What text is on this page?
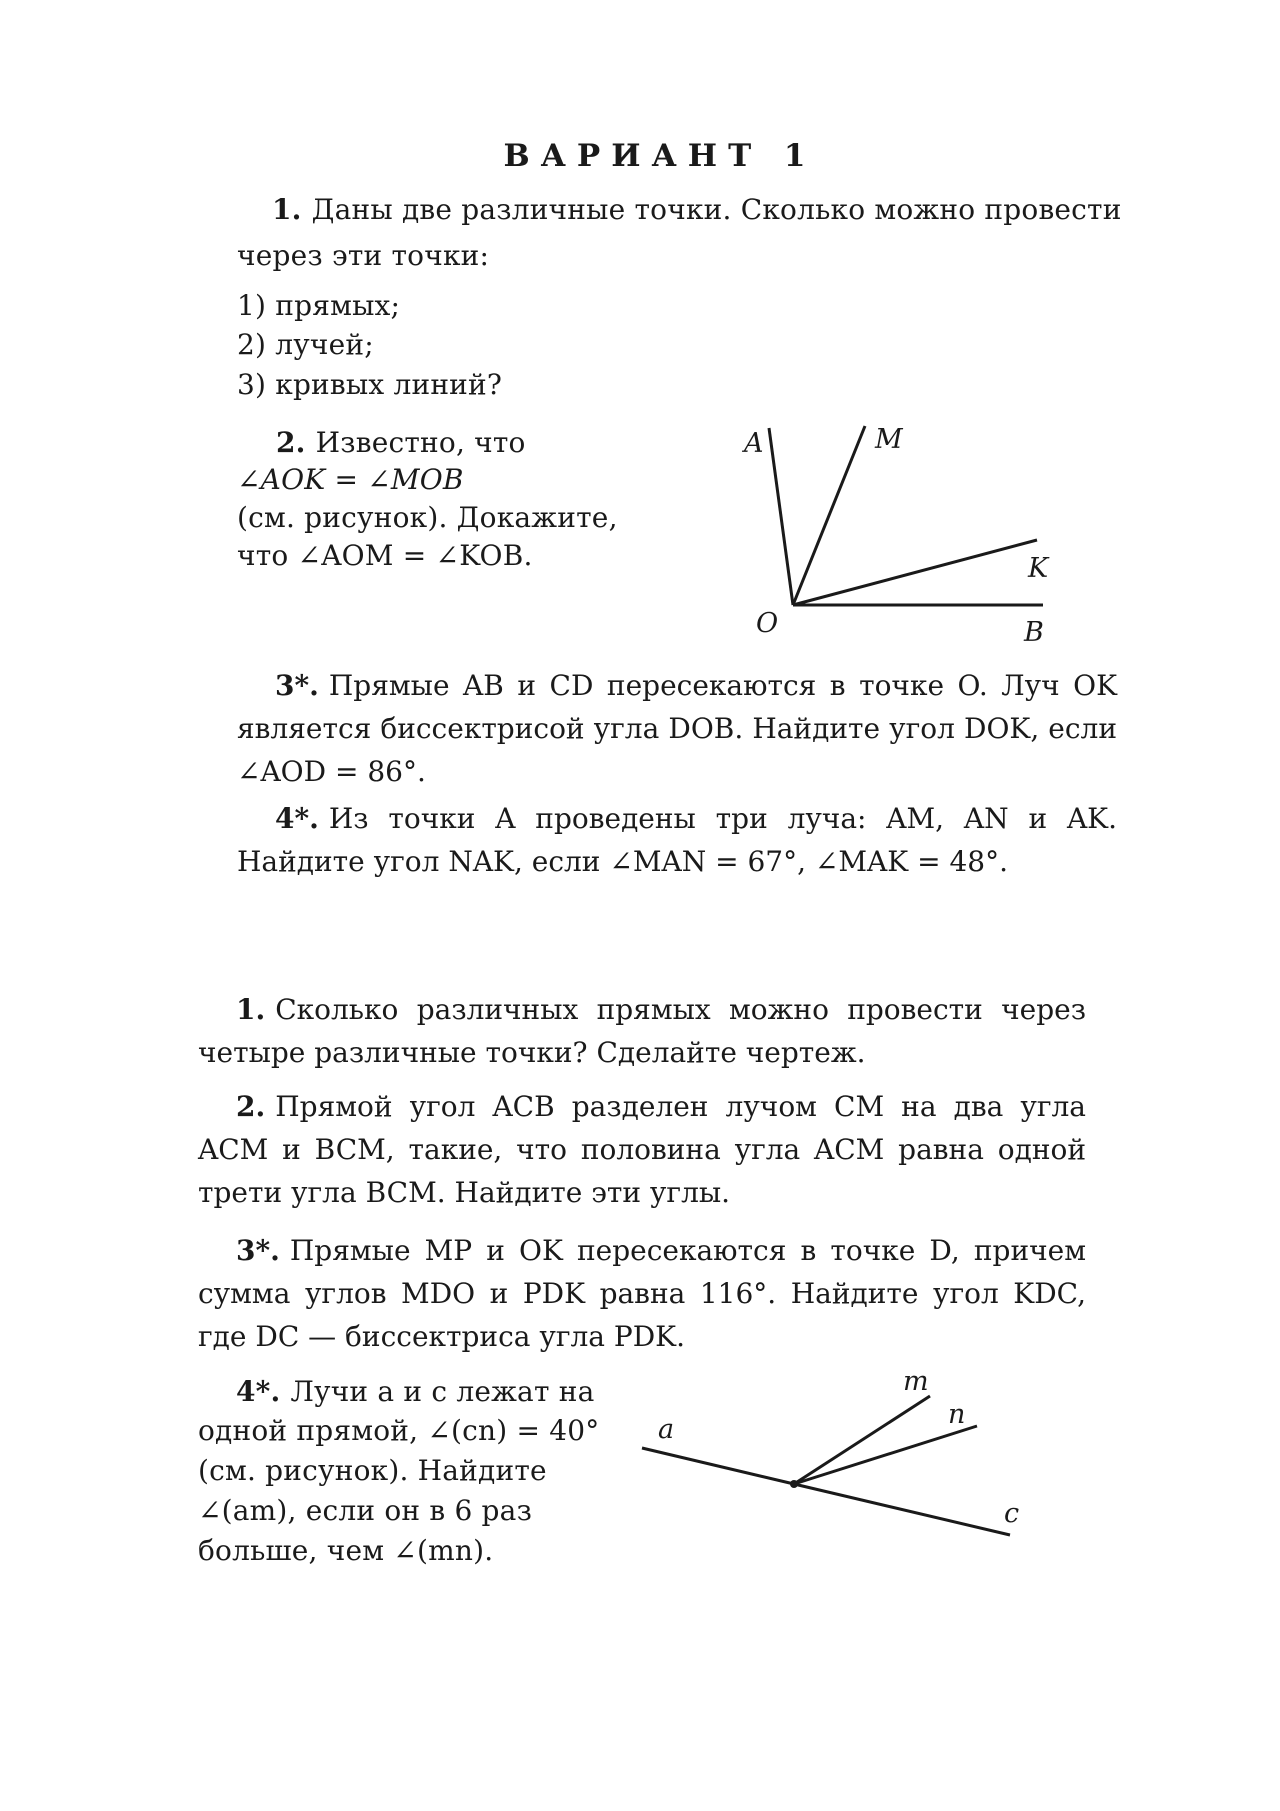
ВАРИАНТ 1
1. Даны две различные точки. Сколько можно провести
через эти точки:
1) прямых;
2) лучей;
3) кривых линий?
2. Известно, что
∠AOK = ∠MOB
(см. рисунок). Докажите,
что ∠AOM = ∠KOB.
A	M
K
O	B
3*. Прямые AB и CD пересекаются в точке O. Луч OK является биссектрисой угла DOB. Найдите угол DOK, если ∠AOD = 86°.
4*. Из точки A проведены три луча: AM, AN и AK. Найдите угол NAK, если ∠MAN = 67°, ∠MAK = 48°.
1. Сколько различных прямых можно провести через четыре различные точки? Сделайте чертеж.
2. Прямой угол ACB разделен лучом CM на два угла ACM и BCM, такие, что половина угла ACM равна одной трети угла BCM. Найдите эти углы.
3*. Прямые MP и OK пересекаются в точке D, причем сумма углов MDO и PDK равна 116°. Найдите угол KDC, где DC — биссектриса угла PDK.
4*. Лучи a и c лежат на
одной прямой, ∠(cn) = 40°
(см. рисунок). Найдите
∠(am), если он в 6 раз
больше, чем ∠(mn).
m
n
a
c
